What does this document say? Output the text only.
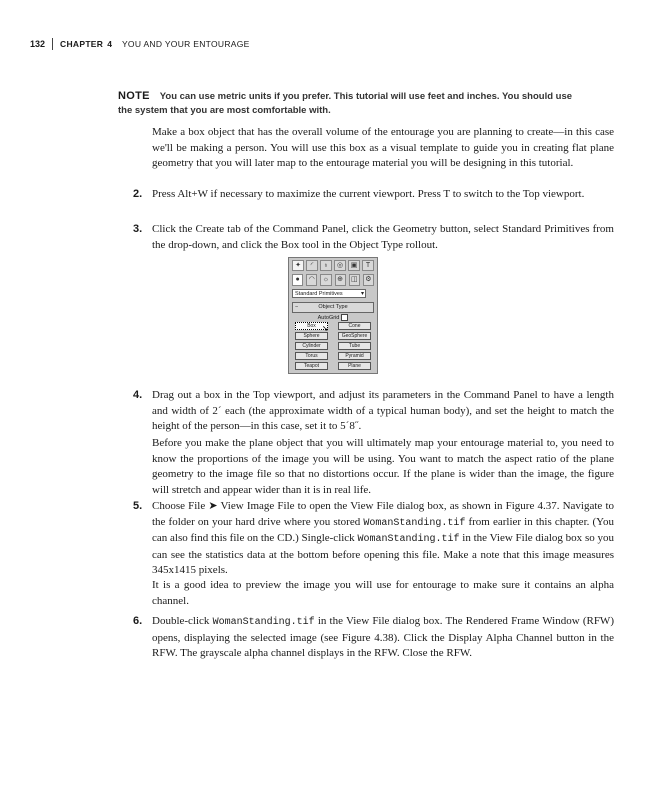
132	CHAPTER 4 YOU AND YOUR ENTOURAGE
NOTE You can use metric units if you prefer. This tutorial will use feet and inches. You should use the system that you are most comfortable with.
Make a box object that has the overall volume of the entourage you are planning to create—in this case we'll be making a person. You will use this box as a visual template to guide you in creating flat plane geometry that you will later map to the entourage material you will be designing in this tutorial.
2. Press Alt+W if necessary to maximize the current viewport. Press T to switch to the Top viewport.
3. Click the Create tab of the Command Panel, click the Geometry button, select Standard Primitives from the drop-down, and click the Box tool in the Object Type rollout.
✦	◜	♁	◎	▣	T
●	◠	☼	⊕	◫	⚙
Standard Primitives	▾
−	Object Type
AutoGrid
Box	Cone
Sphere	GeoSphere
Cylinder	Tube
Torus	Pyramid
Teapot	Plane
➘
4. Drag out a box in the Top viewport, and adjust its parameters in the Command Panel to have a length and width of 2´ each (the approximate width of a typical human body), and set the height to match the height of the person—in this case, set it to 5´8˝.
Before you make the plane object that you will ultimately map your entourage material to, you need to know the proportions of the image you will be using. You want to match the aspect ratio of the plane geometry to the image file so that no distortions occur. If the plane is wider than the image, the figure will stretch and appear wider than it is in real life.
5. Choose File ➤ View Image File to open the View File dialog box, as shown in Figure 4.37. Navigate to the folder on your hard drive where you stored WomanStanding.tif from earlier in this chapter. (You can also find this file on the CD.) Single-click WomanStanding.tif in the View File dialog box so you can see the statistics data at the bottom before opening this file. Make a note that this image measures 345x1415 pixels.
It is a good idea to preview the image you will use for entourage to make sure it contains an alpha channel.
6. Double-click WomanStanding.tif in the View File dialog box. The Rendered Frame Window (RFW) opens, displaying the selected image (see Figure 4.38). Click the Display Alpha Channel button in the RFW. The grayscale alpha channel displays in the RFW. Close the RFW.
